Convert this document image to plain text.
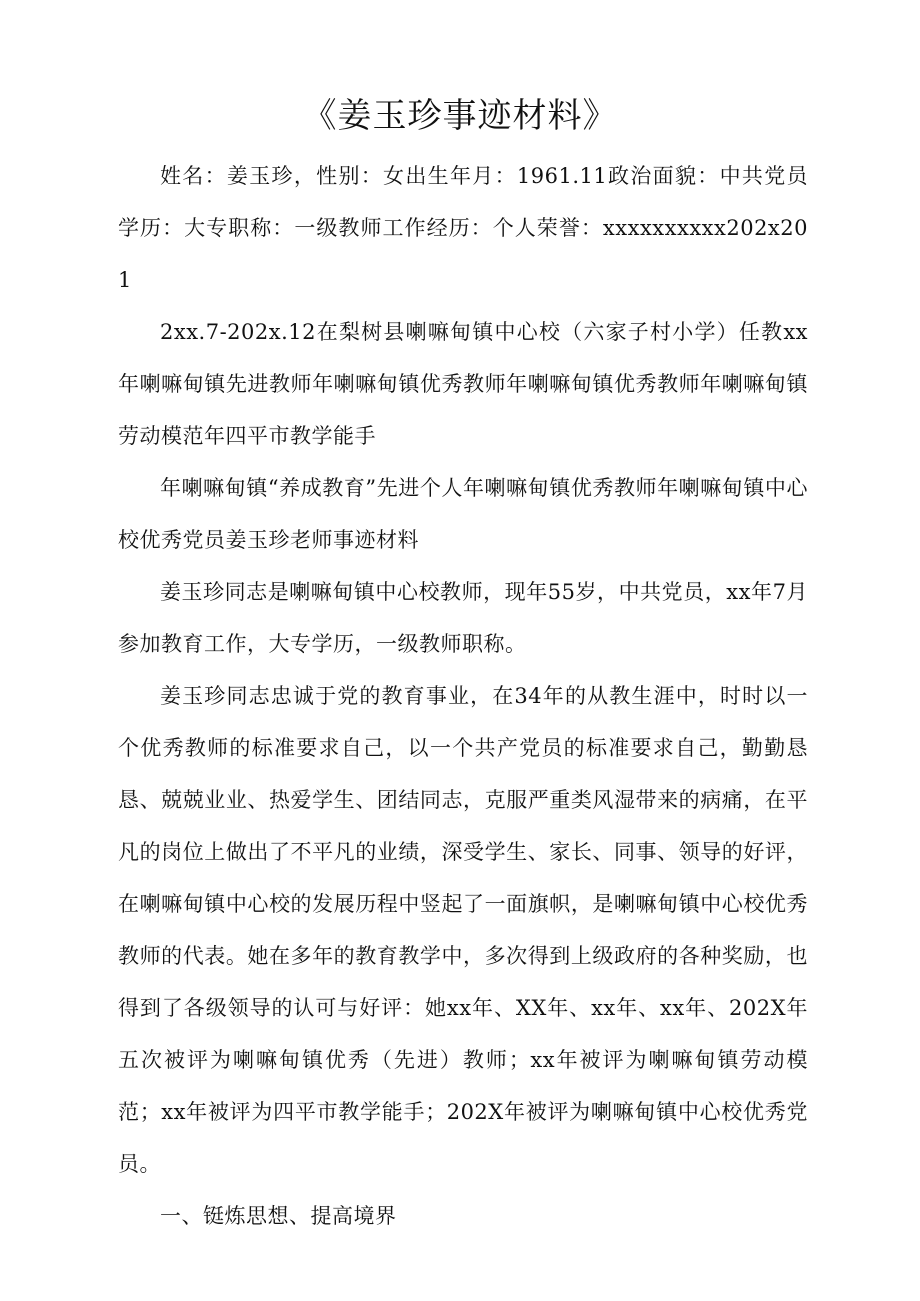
《姜玉珍事迹材料》

姓名：姜玉珍，性别：女出生年月：1961.11政治面貌：中共党员学历：大专职称：一级教师工作经历：个人荣誉：xxxxxxxxxx202x201

2xx.7-202x.12在梨树县喇嘛甸镇中心校（六家子村小学）任教xx年喇嘛甸镇先进教师年喇嘛甸镇优秀教师年喇嘛甸镇优秀教师年喇嘛甸镇劳动模范年四平市教学能手

年喇嘛甸镇“养成教育”先进个人年喇嘛甸镇优秀教师年喇嘛甸镇中心校优秀党员姜玉珍老师事迹材料

姜玉珍同志是喇嘛甸镇中心校教师，现年55岁，中共党员，xx年7月参加教育工作，大专学历，一级教师职称。

姜玉珍同志忠诚于党的教育事业，在34年的从教生涯中，时时以一个优秀教师的标准要求自己，以一个共产党员的标准要求自己，勤勤恳恳、兢兢业业、热爱学生、团结同志，克服严重类风湿带来的病痛，在平凡的岗位上做出了不平凡的业绩，深受学生、家长、同事、领导的好评，在喇嘛甸镇中心校的发展历程中竖起了一面旗帜，是喇嘛甸镇中心校优秀教师的代表。她在多年的教育教学中，多次得到上级政府的各种奖励，也得到了各级领导的认可与好评：她xx年、XX年、xx年、xx年、202X年五次被评为喇嘛甸镇优秀（先进）教师；xx年被评为喇嘛甸镇劳动模范；xx年被评为四平市教学能手；202X年被评为喇嘛甸镇中心校优秀党员。

一、铤炼思想、提高境界
